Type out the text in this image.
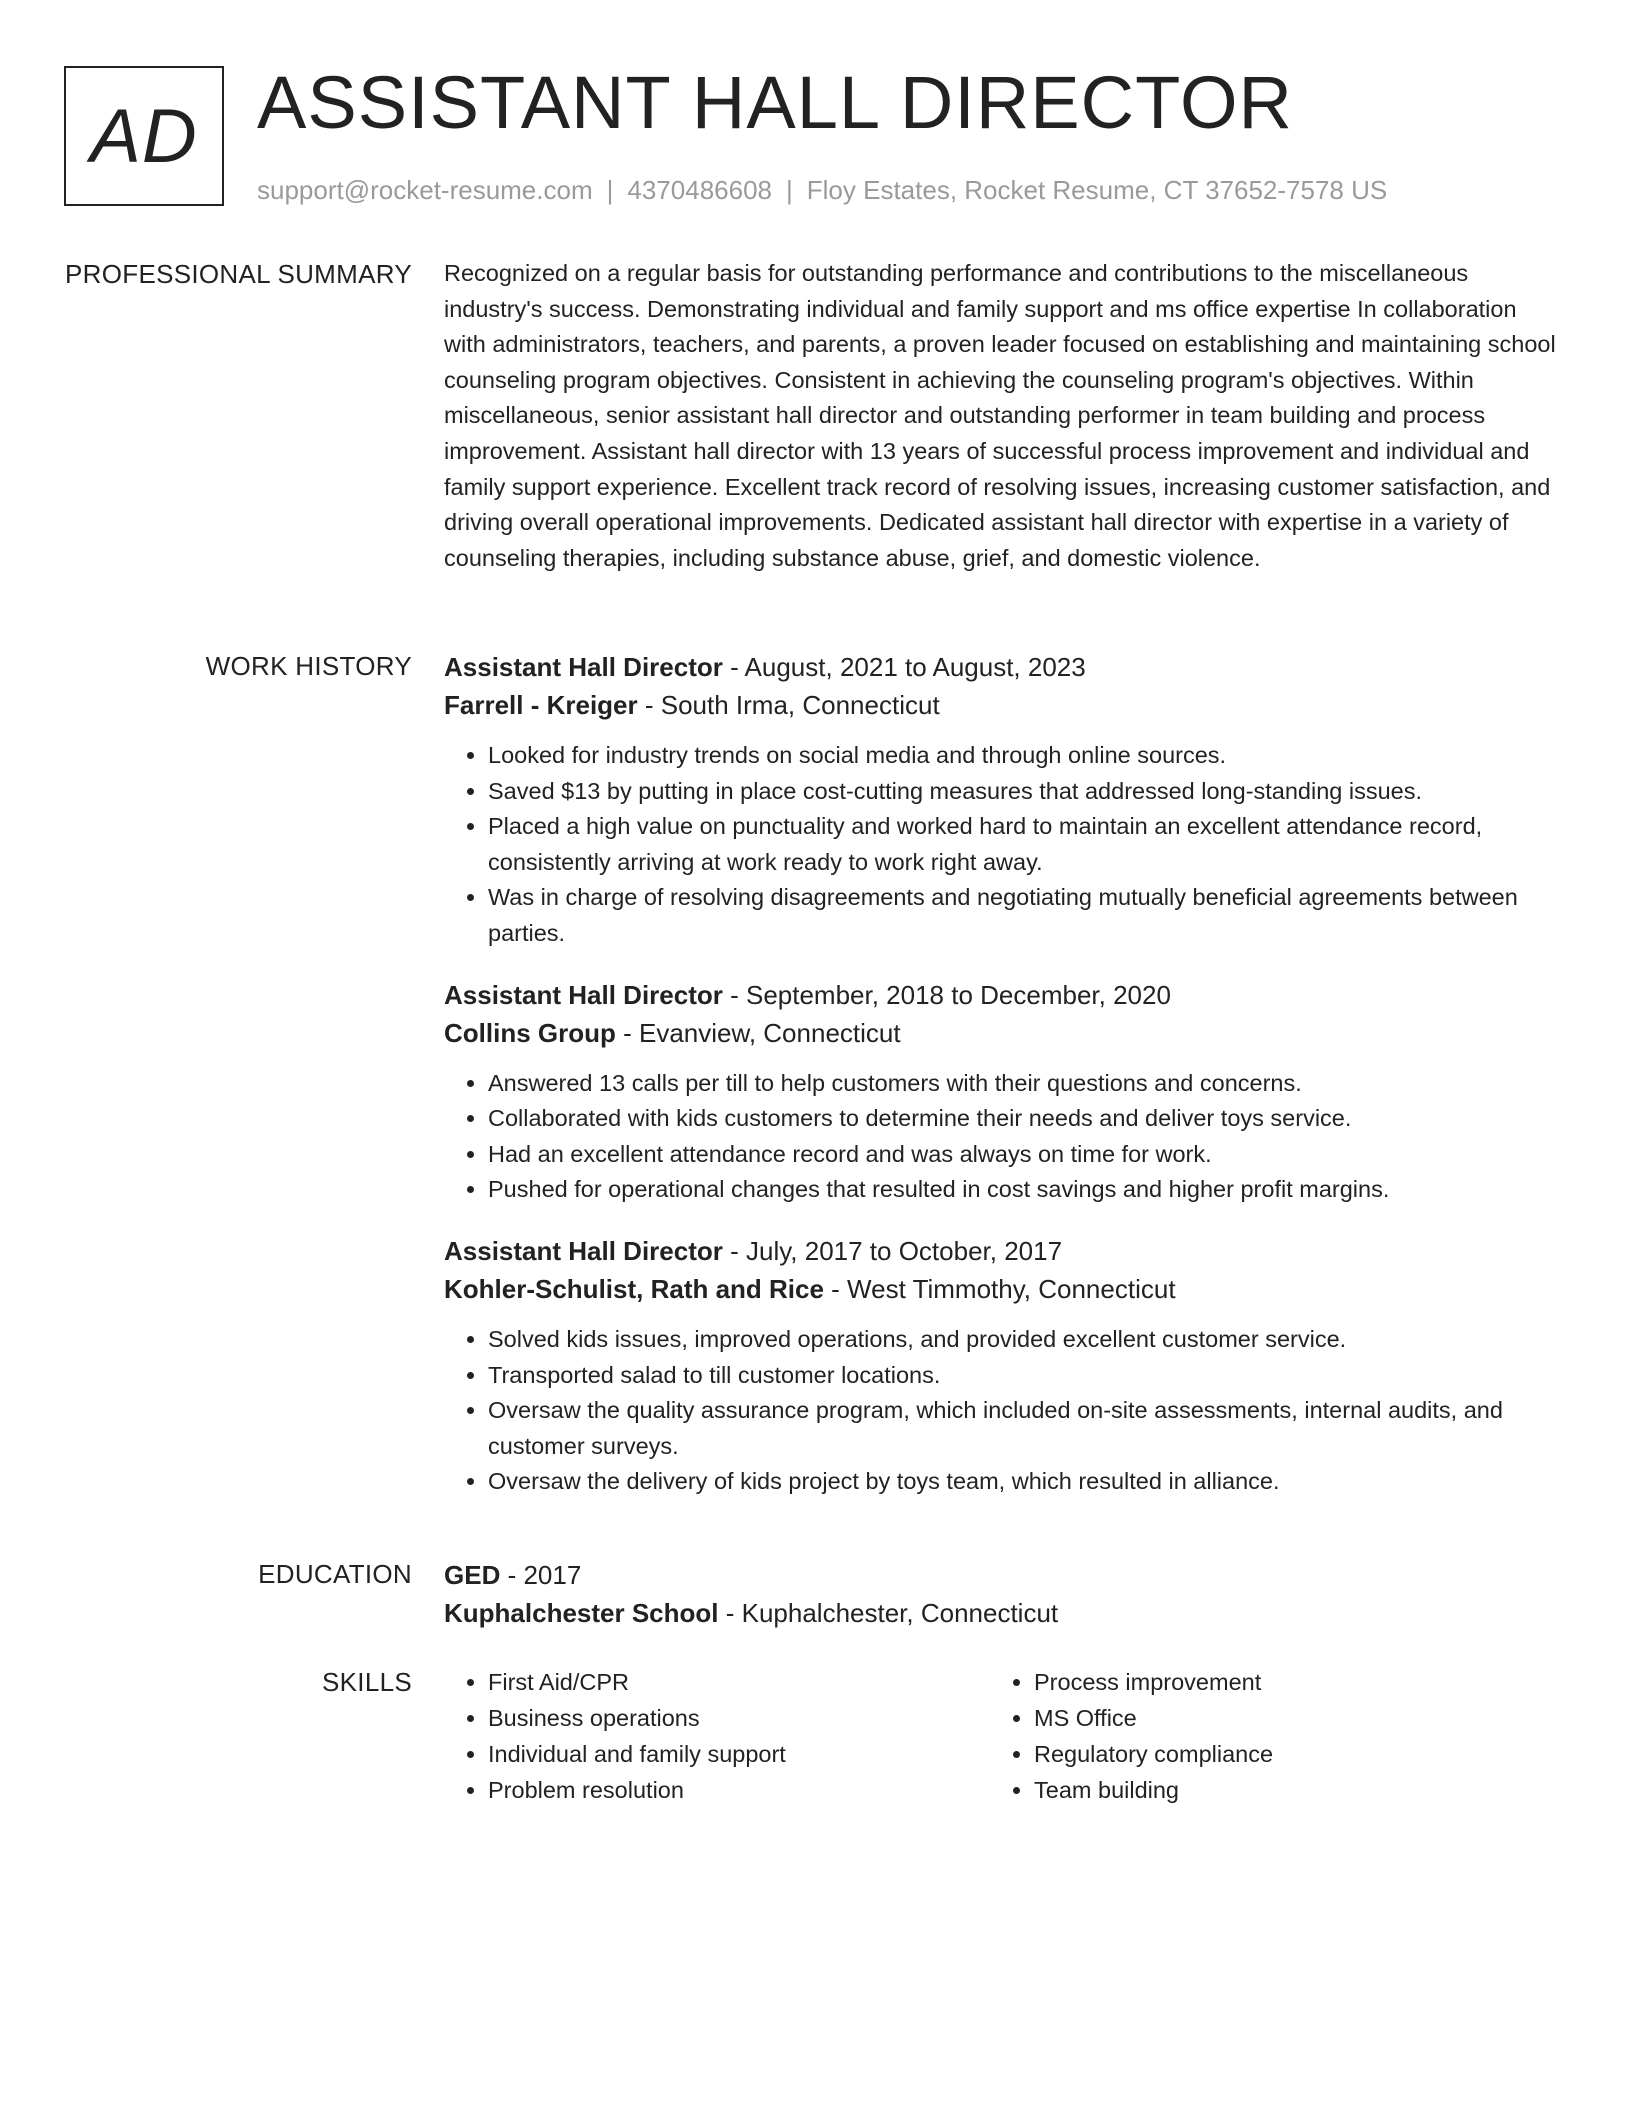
AD ASSISTANT HALL DIRECTOR
support@rocket-resume.com | 4370486608 | Floy Estates, Rocket Resume, CT 37652-7578 US
PROFESSIONAL SUMMARY Recognized on a regular basis for outstanding performance and contributions to the miscellaneous industry's success. Demonstrating individual and family support and ms office expertise In collaboration with administrators, teachers, and parents, a proven leader focused on establishing and maintaining school counseling program objectives. Consistent in achieving the counseling program's objectives. Within miscellaneous, senior assistant hall director and outstanding performer in team building and process improvement. Assistant hall director with 13 years of successful process improvement and individual and family support experience. Excellent track record of resolving issues, increasing customer satisfaction, and driving overall operational improvements. Dedicated assistant hall director with expertise in a variety of counseling therapies, including substance abuse, grief, and domestic violence.

WORK HISTORY Assistant Hall Director - August, 2021 to August, 2023
Farrell - Kreiger - South Irma, Connecticut
• Looked for industry trends on social media and through online sources.
• Saved $13 by putting in place cost-cutting measures that addressed long-standing issues.
• Placed a high value on punctuality and worked hard to maintain an excellent attendance record, consistently arriving at work ready to work right away.
• Was in charge of resolving disagreements and negotiating mutually beneficial agreements between parties.
Assistant Hall Director - September, 2018 to December, 2020
Collins Group - Evanview, Connecticut
• Answered 13 calls per till to help customers with their questions and concerns.
• Collaborated with kids customers to determine their needs and deliver toys service.
• Had an excellent attendance record and was always on time for work.
• Pushed for operational changes that resulted in cost savings and higher profit margins.
Assistant Hall Director - July, 2017 to October, 2017
Kohler-Schulist, Rath and Rice - West Timmothy, Connecticut
• Solved kids issues, improved operations, and provided excellent customer service.
• Transported salad to till customer locations.
• Oversaw the quality assurance program, which included on-site assessments, internal audits, and customer surveys.
• Oversaw the delivery of kids project by toys team, which resulted in alliance.
EDUCATION GED - 2017
Kuphalchester School - Kuphalchester, Connecticut
SKILLS
•	First Aid/CPR
• Business operations
• Individual and family support
• Problem resolution
• Process improvement
• MS Office
• Regulatory compliance
• Team building
